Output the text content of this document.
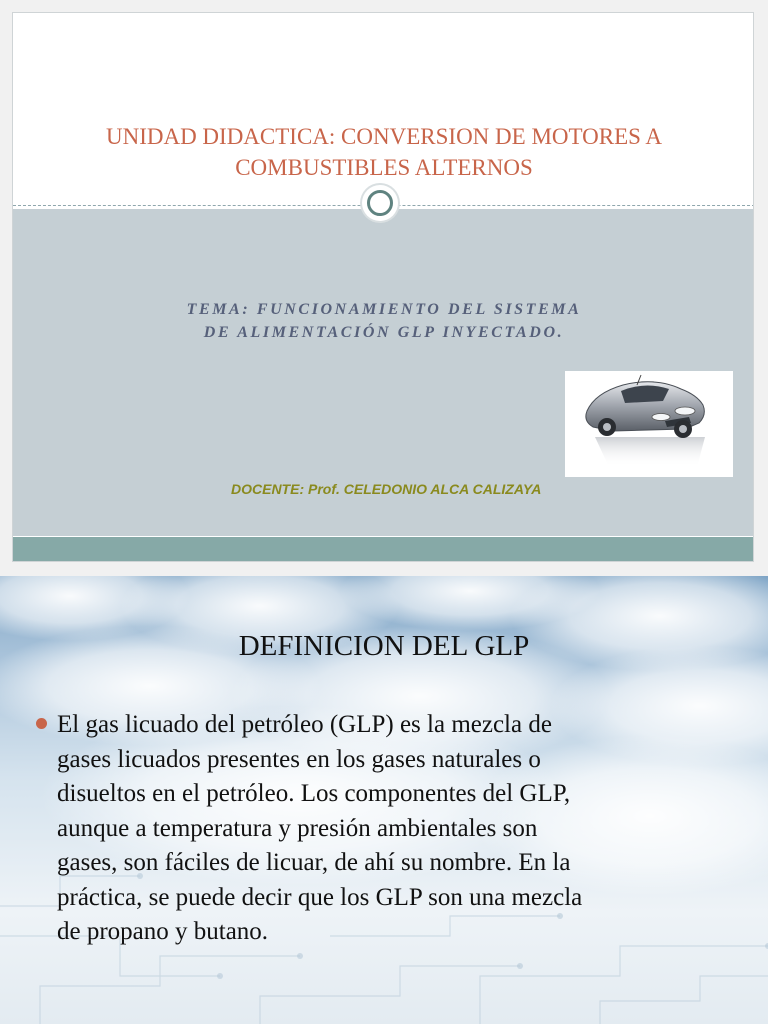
UNIDAD DIDACTICA: CONVERSION DE MOTORES A
COMBUSTIBLES ALTERNOS
TEMA: FUNCIONAMIENTO DEL SISTEMA
DE ALIMENTACIÓN GLP INYECTADO.
DOCENTE: Prof. CELEDONIO ALCA CALIZAYA
DEFINICION DEL GLP
El gas licuado del petróleo (GLP) es la mezcla de
gases licuados presentes en los gases naturales o
disueltos en el petróleo. Los componentes del GLP,
aunque a temperatura y presión ambientales son
gases, son fáciles de licuar, de ahí su nombre. En la
práctica, se puede decir que los GLP son una mezcla
de propano y butano.
